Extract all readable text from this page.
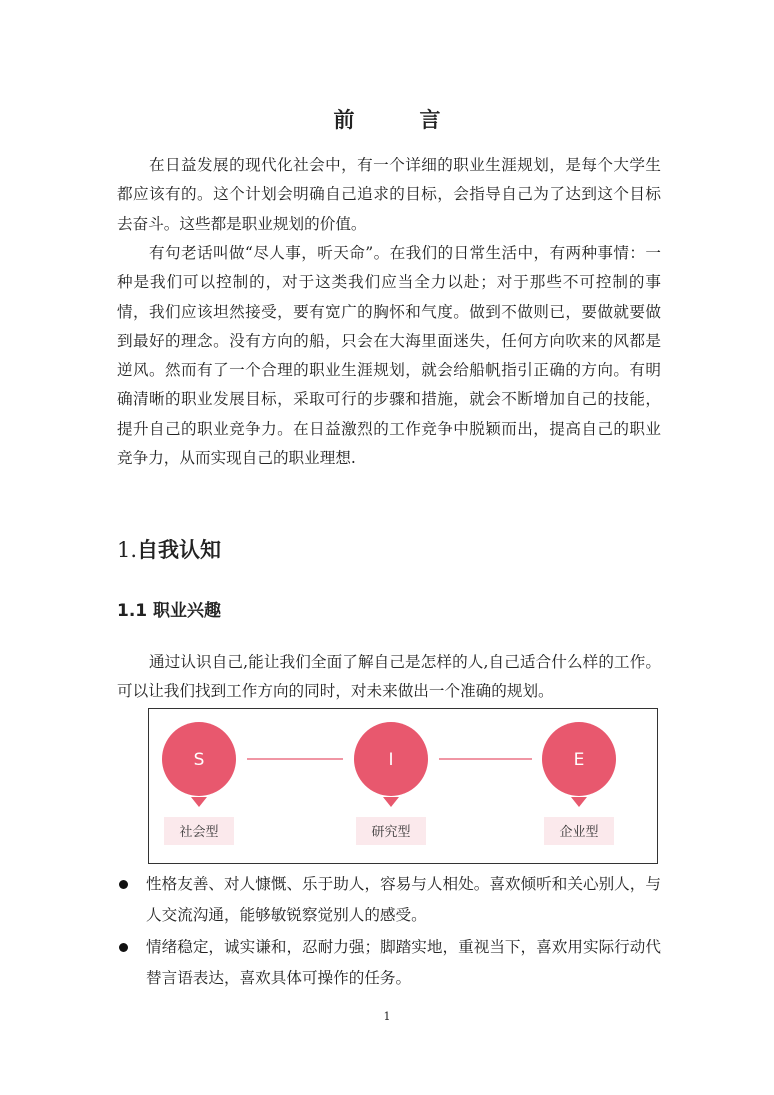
前　言

在日益发展的现代化社会中，有一个详细的职业生涯规划，是每个大学生都应该有的。这个计划会明确自己追求的目标，会指导自己为了达到这个目标去奋斗。这些都是职业规划的价值。

有句老话叫做“尽人事，听天命”。在我们的日常生活中，有两种事情：一种是我们可以控制的，对于这类我们应当全力以赴；对于那些不可控制的事情，我们应该坦然接受，要有宽广的胸怀和气度。做到不做则已，要做就要做到最好的理念。没有方向的船，只会在大海里面迷失，任何方向吹来的风都是逆风。然而有了一个合理的职业生涯规划，就会给船帆指引正确的方向。有明确清晰的职业发展目标，采取可行的步骤和措施，就会不断增加自己的技能，提升自己的职业竞争力。在日益激烈的工作竞争中脱颖而出，提高自己的职业竞争力，从而实现自己的职业理想.

1.自我认知
1.1 职业兴趣

通过认识自己,能让我们全面了解自己是怎样的人,自己适合什么样的工作。可以让我们找到工作方向的同时，对未来做出一个准确的规划。

S
社会型
I
研究型
E
企业型
性格友善、对人慷慨、乐于助人，容易与人相处。喜欢倾听和关心别人，与人交流沟通，能够敏锐察觉别人的感受。
情绪稳定，诚实谦和，忍耐力强；脚踏实地，重视当下，喜欢用实际行动代替言语表达，喜欢具体可操作的任务。

1
